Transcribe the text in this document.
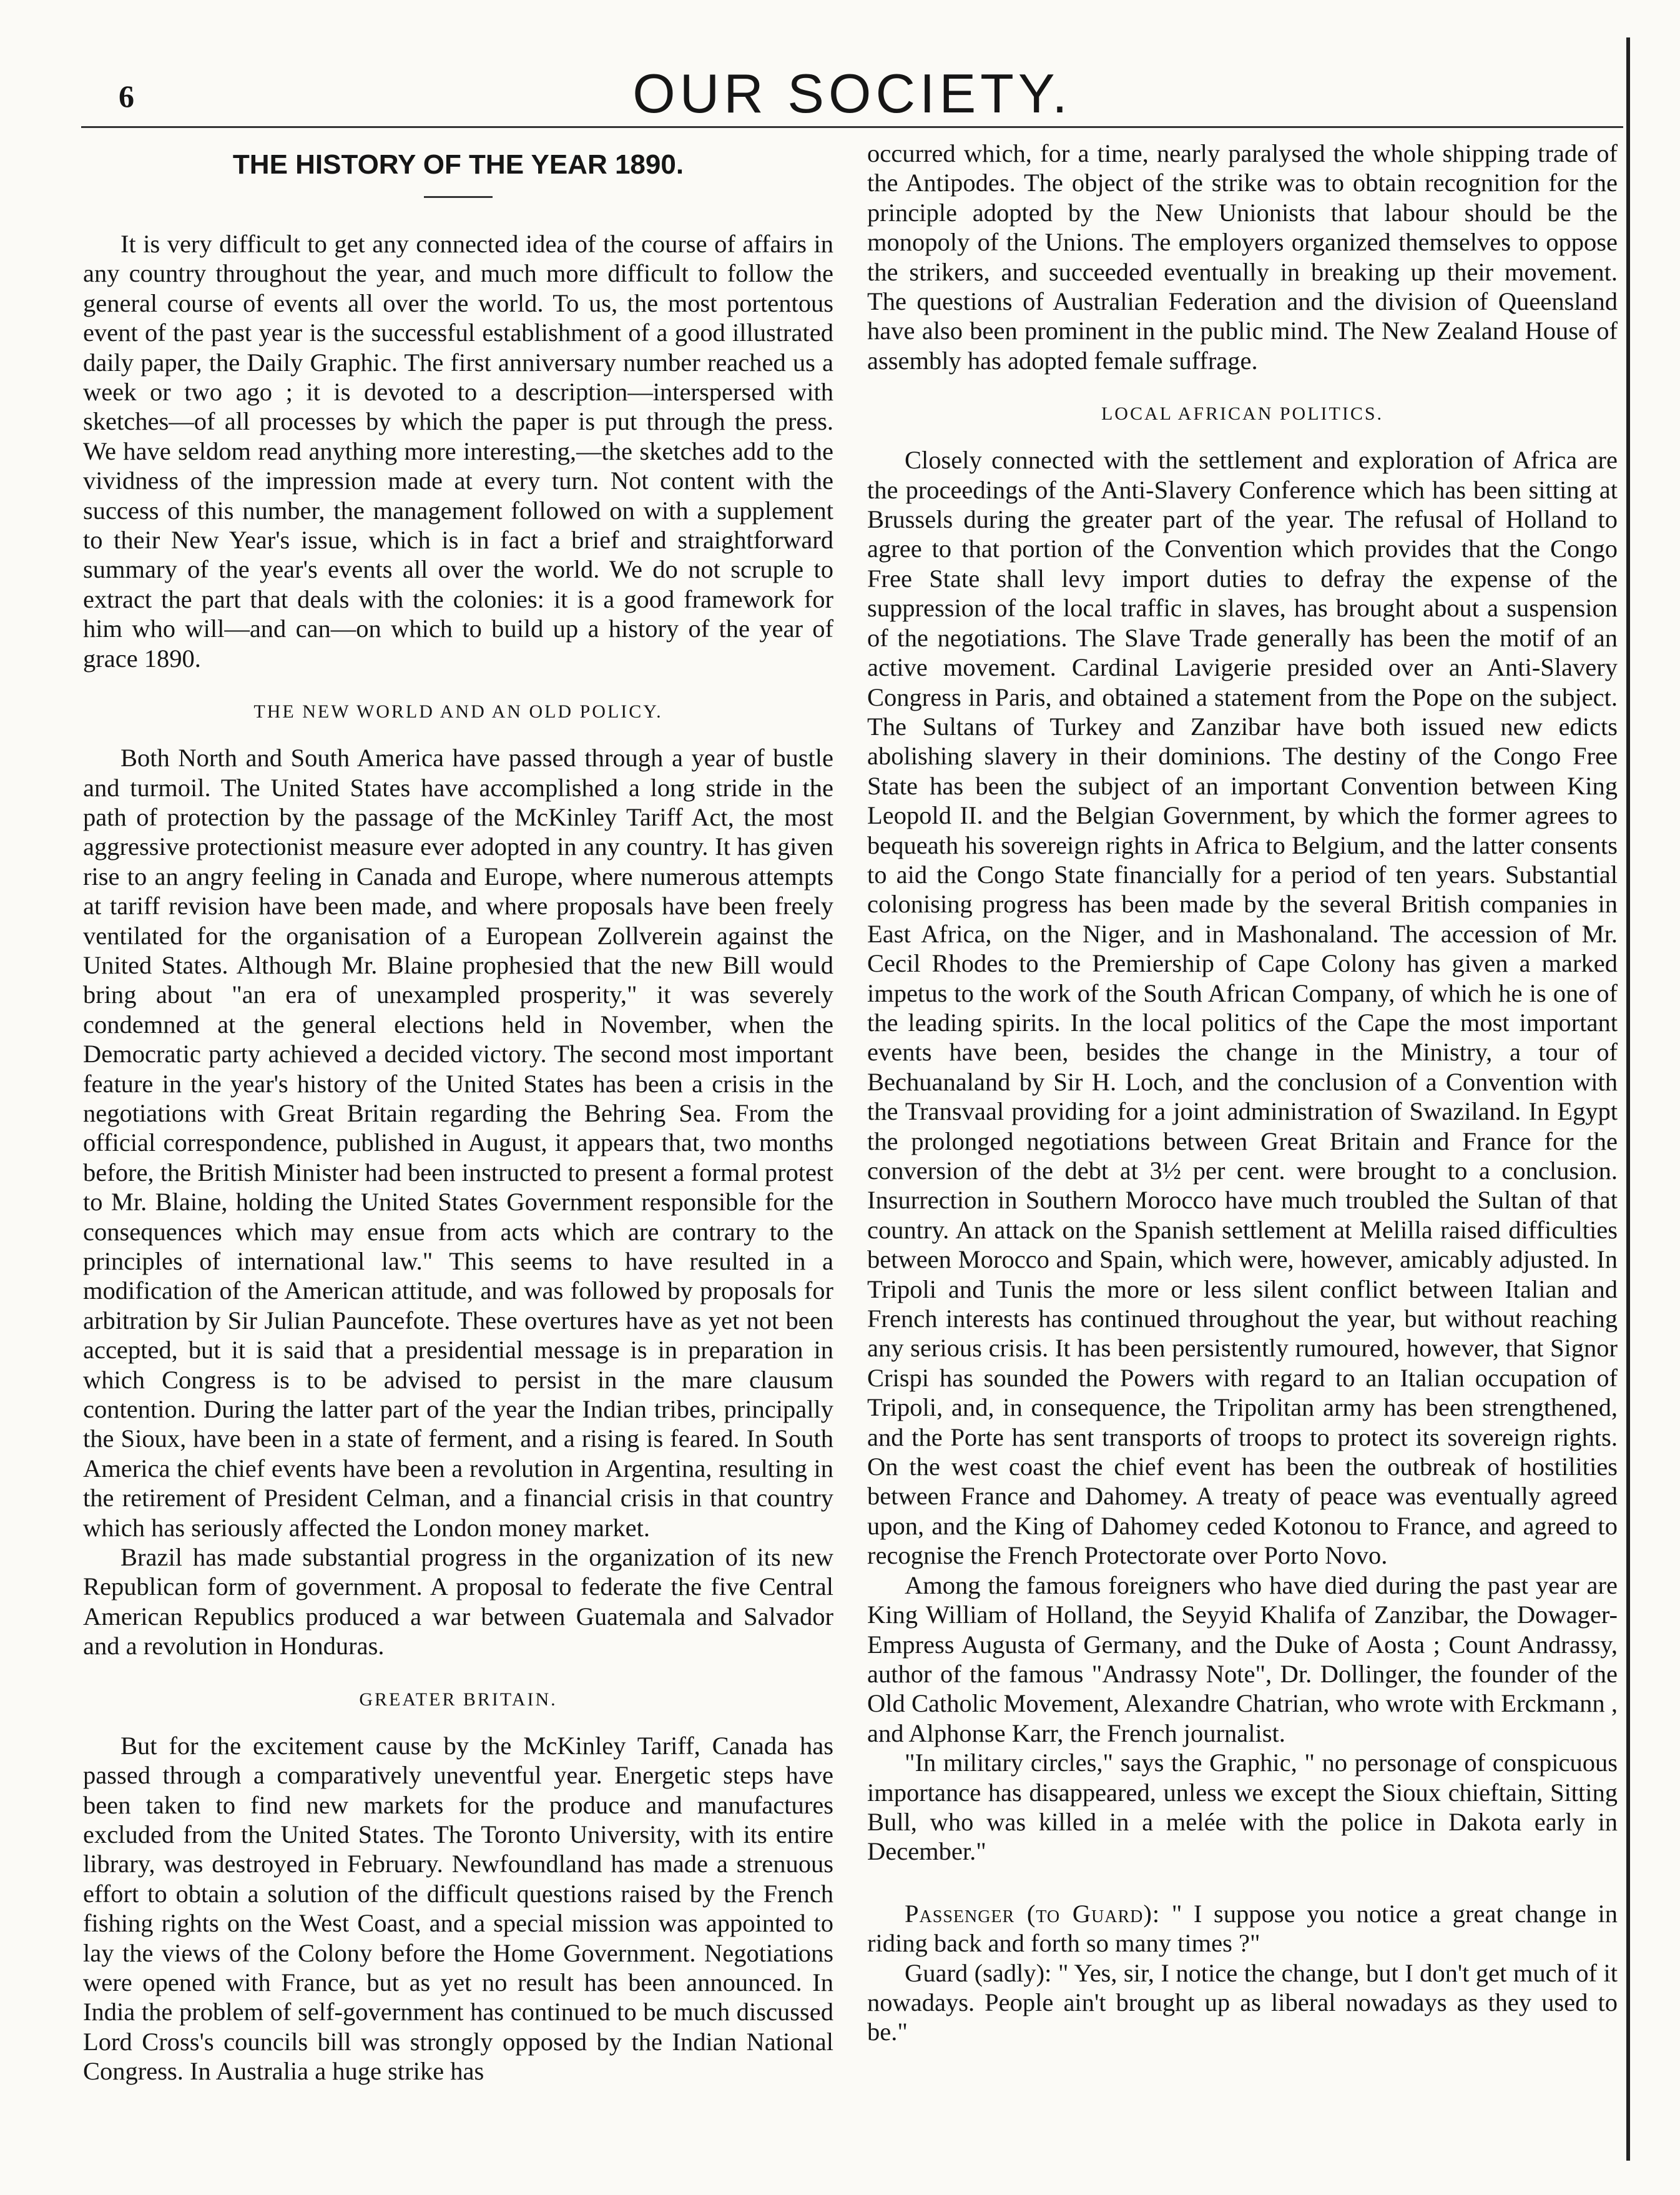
6	OUR SOCIETY.
THE HISTORY OF THE YEAR 1890.

It is very difficult to get any connected idea of the course of affairs in any country throughout the year, and much more difficult to follow the general course of events all over the world. To us, the most portentous event of the past year is the successful establishment of a good illustrated daily paper, the Daily Graphic. The first anniversary number reached us a week or two ago ; it is devoted to a description—interspersed with sketches—of all processes by which the paper is put through the press. We have seldom read anything more interesting,—the sketches add to the vividness of the impression made at every turn. Not content with the success of this number, the management followed on with a supplement to their New Year's issue, which is in fact a brief and straightforward summary of the year's events all over the world. We do not scruple to extract the part that deals with the colonies: it is a good framework for him who will—and can—on which to build up a history of the year of grace 1890.

THE NEW WORLD AND AN OLD POLICY.

Both North and South America have passed through a year of bustle and turmoil. The United States have accomplished a long stride in the path of protection by the passage of the McKinley Tariff Act, the most aggressive protectionist measure ever adopted in any country. It has given rise to an angry feeling in Canada and Europe, where numerous attempts at tariff revision have been made, and where proposals have been freely ventilated for the organisation of a European Zollverein against the United States. Although Mr. Blaine prophesied that the new Bill would bring about "an era of unexampled prosperity," it was severely condemned at the general elections held in November, when the Democratic party achieved a decided victory. The second most important feature in the year's history of the United States has been a crisis in the negotiations with Great Britain regarding the Behring Sea. From the official correspondence, published in August, it appears that, two months before, the British Minister had been instructed to present a formal protest to Mr. Blaine, holding the United States Government responsible for the consequences which may ensue from acts which are contrary to the principles of international law." This seems to have resulted in a modification of the American attitude, and was followed by proposals for arbitration by Sir Julian Pauncefote. These overtures have as yet not been accepted, but it is said that a presidential message is in preparation in which Congress is to be advised to persist in the mare clausum contention. During the latter part of the year the Indian tribes, principally the Sioux, have been in a state of ferment, and a rising is feared. In South America the chief events have been a revolution in Argentina, resulting in the retirement of President Celman, and a financial crisis in that country which has seriously affected the London money market.

Brazil has made substantial progress in the organization of its new Republican form of government. A proposal to federate the five Central American Republics produced a war between Guatemala and Salvador and a revolution in Honduras.

GREATER BRITAIN.

But for the excitement cause by the McKinley Tariff, Canada has passed through a comparatively uneventful year. Energetic steps have been taken to find new markets for the produce and manufactures excluded from the United States. The Toronto University, with its entire library, was destroyed in February. Newfoundland has made a strenuous effort to obtain a solution of the difficult questions raised by the French fishing rights on the West Coast, and a special mission was appointed to lay the views of the Colony before the Home Government. Negotiations were opened with France, but as yet no result has been announced. In India the problem of self-government has continued to be much discussed Lord Cross's councils bill was strongly opposed by the Indian National Congress. In Australia a huge strike has

occurred which, for a time, nearly paralysed the whole shipping trade of the Antipodes. The object of the strike was to obtain recognition for the principle adopted by the New Unionists that labour should be the monopoly of the Unions. The employers organized themselves to oppose the strikers, and succeeded eventually in breaking up their movement. The questions of Australian Federation and the division of Queensland have also been prominent in the public mind. The New Zealand House of assembly has adopted female suffrage.

LOCAL AFRICAN POLITICS.

Closely connected with the settlement and exploration of Africa are the proceedings of the Anti-Slavery Conference which has been sitting at Brussels during the greater part of the year. The refusal of Holland to agree to that portion of the Convention which provides that the Congo Free State shall levy import duties to defray the expense of the suppression of the local traffic in slaves, has brought about a suspension of the negotiations. The Slave Trade generally has been the motif of an active movement. Cardinal Lavigerie presided over an Anti-Slavery Congress in Paris, and obtained a statement from the Pope on the subject. The Sultans of Turkey and Zanzibar have both issued new edicts abolishing slavery in their dominions. The destiny of the Congo Free State has been the subject of an important Convention between King Leopold II. and the Belgian Government, by which the former agrees to bequeath his sovereign rights in Africa to Belgium, and the latter consents to aid the Congo State financially for a period of ten years. Substantial colonising progress has been made by the several British companies in East Africa, on the Niger, and in Mashonaland. The accession of Mr. Cecil Rhodes to the Premiership of Cape Colony has given a marked impetus to the work of the South African Company, of which he is one of the leading spirits. In the local politics of the Cape the most important events have been, besides the change in the Ministry, a tour of Bechuanaland by Sir H. Loch, and the conclusion of a Convention with the Transvaal providing for a joint administration of Swaziland. In Egypt the prolonged negotiations between Great Britain and France for the conversion of the debt at 3½ per cent. were brought to a conclusion. Insurrection in Southern Morocco have much troubled the Sultan of that country. An attack on the Spanish settlement at Melilla raised difficulties between Morocco and Spain, which were, however, amicably adjusted. In Tripoli and Tunis the more or less silent conflict between Italian and French interests has continued throughout the year, but without reaching any serious crisis. It has been persistently rumoured, however, that Signor Crispi has sounded the Powers with regard to an Italian occupation of Tripoli, and, in consequence, the Tripolitan army has been strengthened, and the Porte has sent transports of troops to protect its sovereign rights. On the west coast the chief event has been the outbreak of hostilities between France and Dahomey. A treaty of peace was eventually agreed upon, and the King of Dahomey ceded Kotonou to France, and agreed to recognise the French Protectorate over Porto Novo.

Among the famous foreigners who have died during the past year are King William of Holland, the Seyyid Khalifa of Zanzibar, the Dowager-Empress Augusta of Germany, and the Duke of Aosta ; Count Andrassy, author of the famous "Andrassy Note", Dr. Dollinger, the founder of the Old Catholic Movement, Alexandre Chatrian, who wrote with Erckmann , and Alphonse Karr, the French journalist.

"In military circles," says the Graphic, " no personage of conspicuous importance has disappeared, unless we except the Sioux chieftain, Sitting Bull, who was killed in a melée with the police in Dakota early in December."

Passenger (to Guard): " I suppose you notice a great change in riding back and forth so many times ?"

Guard (sadly): " Yes, sir, I notice the change, but I don't get much of it nowadays. People ain't brought up as liberal nowadays as they used to be."
